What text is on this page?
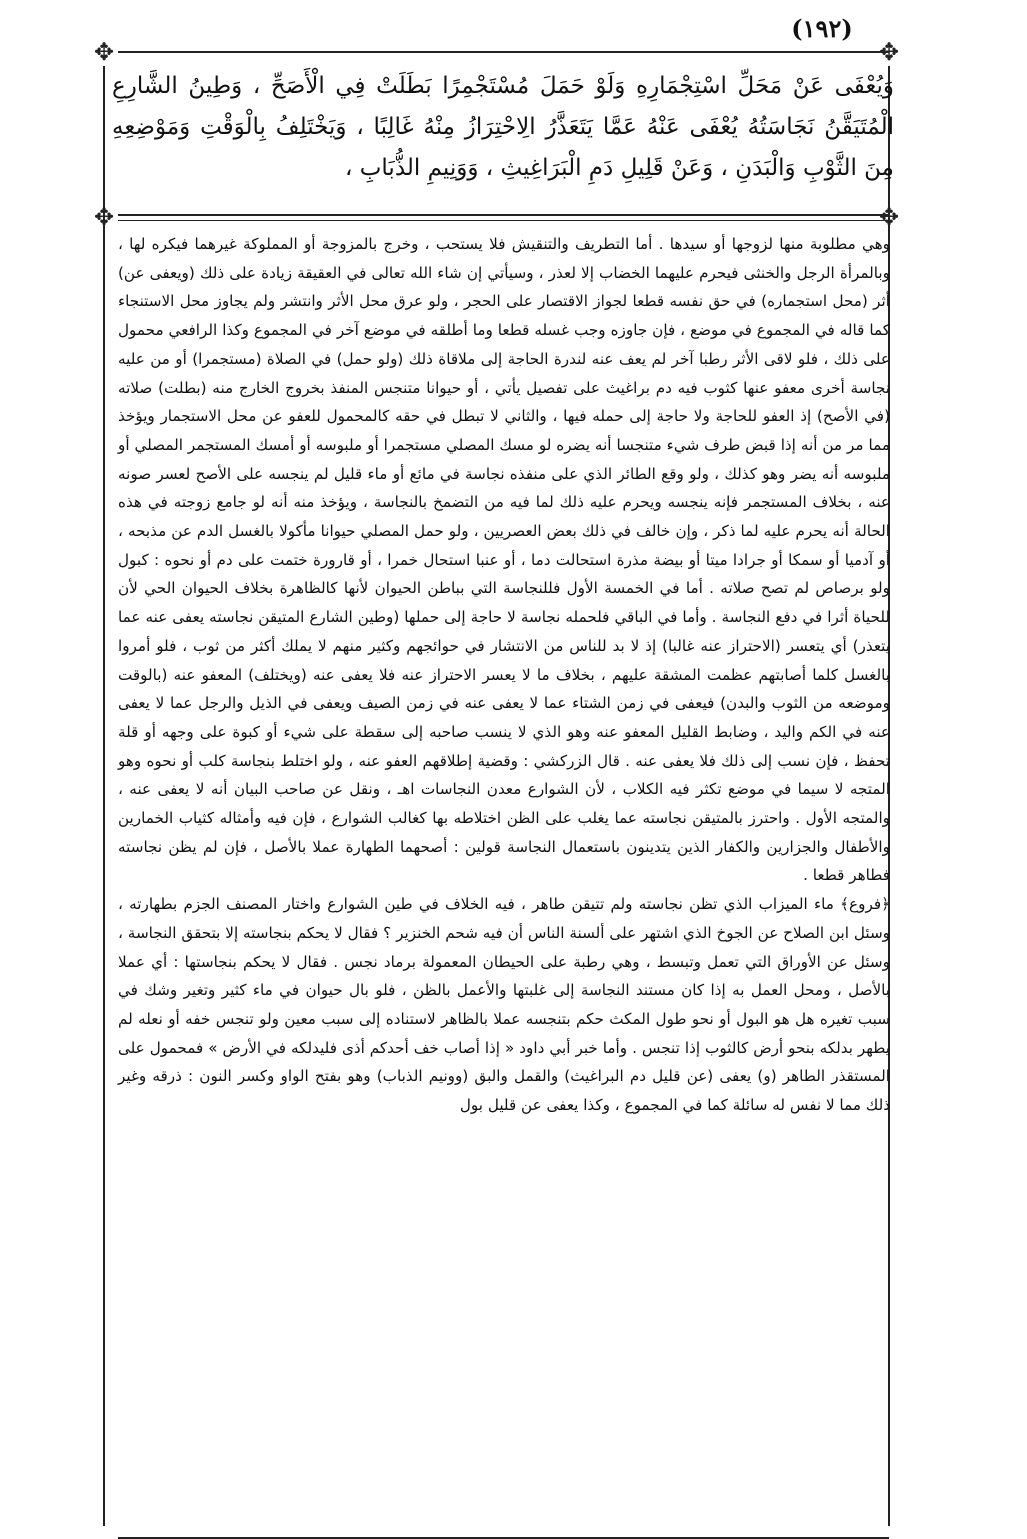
(١٩٢)
✥	✥
✥	✥

وَيُعْفَى عَنْ مَحَلِّ اسْتِجْمَارِهِ وَلَوْ حَمَلَ مُسْتَجْمِرًا بَطَلَتْ فِي الْأَصَحِّ ، وَطِينُ الشَّارِعِ الْمُتَيَقَّنُ نَجَاسَتُهُ يُعْفَى عَنْهُ عَمَّا يَتَعَذَّرُ الِاحْتِرَازُ مِنْهُ غَالِبًا ، وَيَخْتَلِفُ بِالْوَقْتِ وَمَوْضِعِهِ مِنَ الثَّوْبِ وَالْبَدَنِ ، وَعَنْ قَلِيلِ دَمِ الْبَرَاغِيثِ ، وَوَنِيمِ الذُّبَابِ ،

وهي مطلوبة منها لزوجها أو سيدها . أما التطريف والتنقيش فلا يستحب ، وخرج بالمزوجة أو المملوكة غيرهما فيكره لها ، وبالمرأة الرجل والخنثى فيحرم عليهما الخضاب إلا لعذر ، وسيأتي إن شاء الله تعالى في العقيقة زيادة على ذلك (ويعفى عن) أثر (محل استجماره) في حق نفسه قطعا لجواز الاقتصار على الحجر ، ولو عرق محل الأثر وانتشر ولم يجاوز محل الاستنجاء كما قاله في المجموع في موضع ، فإن جاوزه وجب غسله قطعا وما أطلقه في موضع آخر في المجموع وكذا الرافعي محمول على ذلك ، فلو لاقى الأثر رطبا آخر لم يعف عنه لندرة الحاجة إلى ملاقاة ذلك (ولو حمل) في الصلاة (مستجمرا) أو من عليه نجاسة أخرى معفو عنها كثوب فيه دم براغيث على تفصيل يأتي ، أو حيوانا متنجس المنفذ بخروج الخارج منه (بطلت) صلاته (في الأصح) إذ العفو للحاجة ولا حاجة إلى حمله فيها ، والثاني لا تبطل في حقه كالمحمول للعفو عن محل الاستجمار ويؤخذ مما مر من أنه إذا قبض طرف شيء متنجسا أنه يضره لو مسك المصلي مستجمرا أو ملبوسه أو أمسك المستجمر المصلي أو ملبوسه أنه يضر وهو كذلك ، ولو وقع الطائر الذي على منفذه نجاسة في مائع أو ماء قليل لم ينجسه على الأصح لعسر صونه عنه ، بخلاف المستجمر فإنه ينجسه ويحرم عليه ذلك لما فيه من التضمخ بالنجاسة ، ويؤخذ منه أنه لو جامع زوجته في هذه الحالة أنه يحرم عليه لما ذكر ، وإن خالف في ذلك بعض العصريين ، ولو حمل المصلي حيوانا مأكولا بالغسل الدم عن مذبحه ، أو آدميا أو سمكا أو جرادا ميتا أو بيضة مذرة استحالت دما ، أو عنبا استحال خمرا ، أو قارورة ختمت على دم أو نحوه : كبول ولو برصاص لم تصح صلاته . أما في الخمسة الأول فللنجاسة التي بباطن الحيوان لأنها كالظاهرة بخلاف الحيوان الحي لأن للحياة أثرا في دفع النجاسة . وأما في الباقي فلحمله نجاسة لا حاجة إلى حملها (وطين الشارع المتيقن نجاسته يعفى عنه عما يتعذر) أي يتعسر (الاحتراز عنه غالبا) إذ لا بد للناس من الانتشار في حوائجهم وكثير منهم لا يملك أكثر من ثوب ، فلو أمروا بالغسل كلما أصابتهم عظمت المشقة عليهم ، بخلاف ما لا يعسر الاحتراز عنه فلا يعفى عنه (ويختلف) المعفو عنه (بالوقت وموضعه من الثوب والبدن) فيعفى في زمن الشتاء عما لا يعفى عنه في زمن الصيف ويعفى في الذيل والرجل عما لا يعفى عنه في الكم واليد ، وضابط القليل المعفو عنه وهو الذي لا ينسب صاحبه إلى سقطة على شيء أو كبوة على وجهه أو قلة تحفظ ، فإن نسب إلى ذلك فلا يعفى عنه . قال الزركشي : وقضية إطلاقهم العفو عنه ، ولو اختلط بنجاسة كلب أو نحوه وهو المتجه لا سيما في موضع تكثر فيه الكلاب ، لأن الشوارع معدن النجاسات اهـ ، ونقل عن صاحب البيان أنه لا يعفى عنه ، والمتجه الأول . واحترز بالمتيقن نجاسته عما يغلب على الظن اختلاطه بها كغالب الشوارع ، فإن فيه وأمثاله كثياب الخمارين والأطفال والجزارين والكفار الذين يتدينون باستعمال النجاسة قولين : أصحهما الطهارة عملا بالأصل ، فإن لم يظن نجاسته فطاهر قطعا .

﴿فروع﴾ ماء الميزاب الذي تظن نجاسته ولم تتيقن طاهر ، فيه الخلاف في طين الشوارع واختار المصنف الجزم بطهارته ، وسئل ابن الصلاح عن الجوخ الذي اشتهر على ألسنة الناس أن فيه شحم الخنزير ؟ فقال لا يحكم بنجاسته إلا بتحقق النجاسة ، وسئل عن الأوراق التي تعمل وتبسط ، وهي رطبة على الحيطان المعمولة برماد نجس . فقال لا يحكم بنجاستها : أي عملا بالأصل ، ومحل العمل به إذا كان مستند النجاسة إلى غلبتها والأعمل بالظن ، فلو بال حيوان في ماء كثير وتغير وشك في سبب تغيره هل هو البول أو نحو طول المكث حكم بتنجسه عملا بالظاهر لاستناده إلى سبب معين ولو تنجس خفه أو نعله لم يطهر بدلكه بنحو أرض كالثوب إذا تنجس . وأما خبر أبي داود « إذا أصاب خف أحدكم أذى فليدلكه في الأرض » فمحمول على المستقذر الطاهر (و) يعفى (عن قليل دم البراغيث) والقمل والبق (وونيم الذباب) وهو بفتح الواو وكسر النون : ذرقه وغير ذلك مما لا نفس له سائلة كما في المجموع ، وكذا يعفى عن قليل بول
